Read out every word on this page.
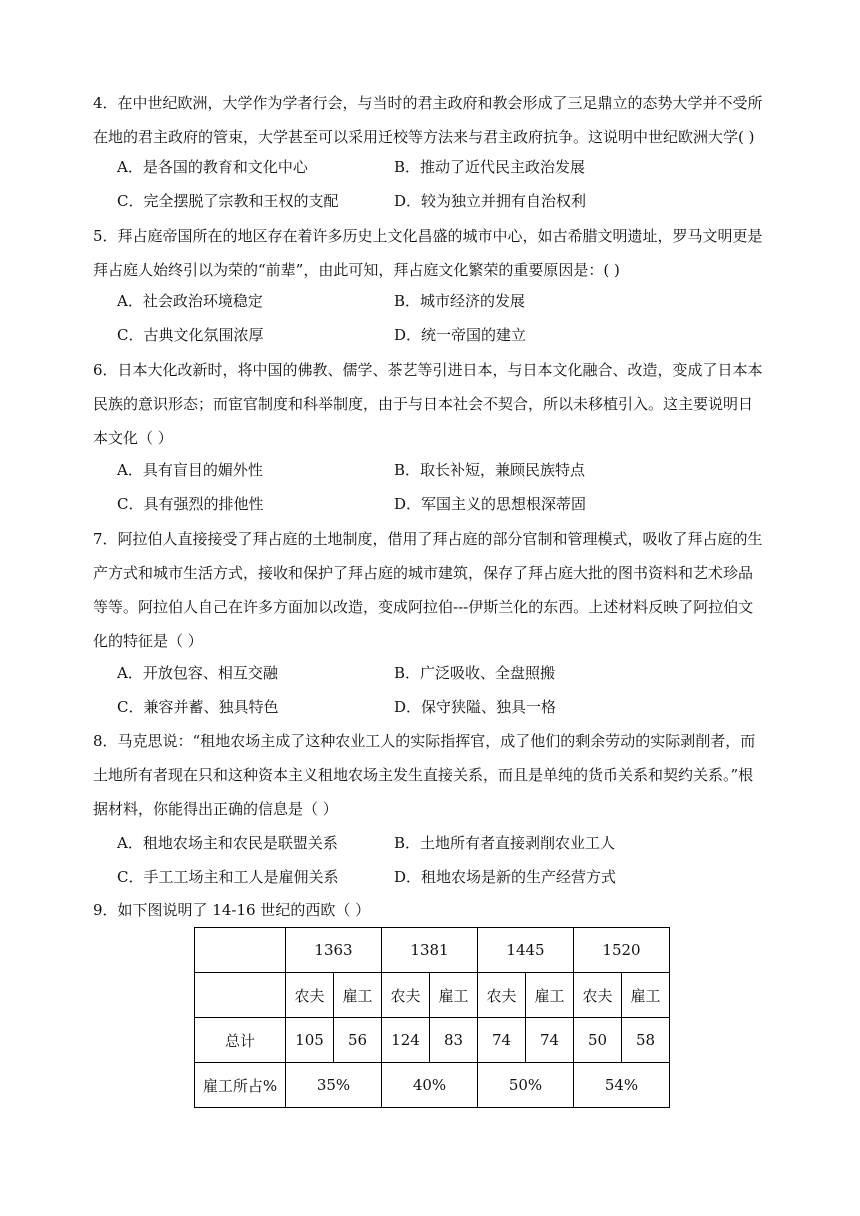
4．在中世纪欧洲，大学作为学者行会，与当时的君主政府和教会形成了三足鼎立的态势大学并不受所

在地的君主政府的管束，大学甚至可以采用迁校等方法来与君主政府抗争。这说明中世纪欧洲大学( )

A．是各国的教育和文化中心	B．推动了近代民主政治发展
C．完全摆脱了宗教和王权的支配	D．较为独立并拥有自治权利

5．拜占庭帝国所在的地区存在着许多历史上文化昌盛的城市中心，如古希腊文明遗址，罗马文明更是

拜占庭人始终引以为荣的“前辈”，由此可知，拜占庭文化繁荣的重要原因是：( )

A．社会政治环境稳定	B．城市经济的发展
C．古典文化氛围浓厚	D．统一帝国的建立

6．日本大化改新时，将中国的佛教、儒学、茶艺等引进日本，与日本文化融合、改造，变成了日本本

民族的意识形态；而宦官制度和科举制度，由于与日本社会不契合，所以未移植引入。这主要说明日

本文化（ ）

A．具有盲目的媚外性	B．取长补短，兼顾民族特点
C．具有强烈的排他性	D．军国主义的思想根深蒂固

7．阿拉伯人直接接受了拜占庭的土地制度，借用了拜占庭的部分官制和管理模式，吸收了拜占庭的生

产方式和城市生活方式，接收和保护了拜占庭的城市建筑，保存了拜占庭大批的图书资料和艺术珍品

等等。阿拉伯人自己在许多方面加以改造，变成阿拉伯---伊斯兰化的东西。上述材料反映了阿拉伯文

化的特征是（ ）

A．开放包容、相互交融	B．广泛吸收、全盘照搬
C．兼容并蓄、独具特色	D．保守狭隘、独具一格

8．马克思说：“租地农场主成了这种农业工人的实际指挥官，成了他们的剩余劳动的实际剥削者，而

土地所有者现在只和这种资本主义租地农场主发生直接关系，而且是单纯的货币关系和契约关系。”根

据材料，你能得出正确的信息是（ ）

A．租地农场主和农民是联盟关系	B．土地所有者直接剥削农业工人
C．手工工场主和工人是雇佣关系	D．租地农场是新的生产经营方式

9．如下图说明了 14-16 世纪的西欧（ ）

	1363		1381		1445		1520	
	农夫	雇工	农夫	雇工	农夫	雇工	农夫	雇工
总计	105	56	124	83	74	74	50	58
雇工所占%	35%		40%		50%		54%	
